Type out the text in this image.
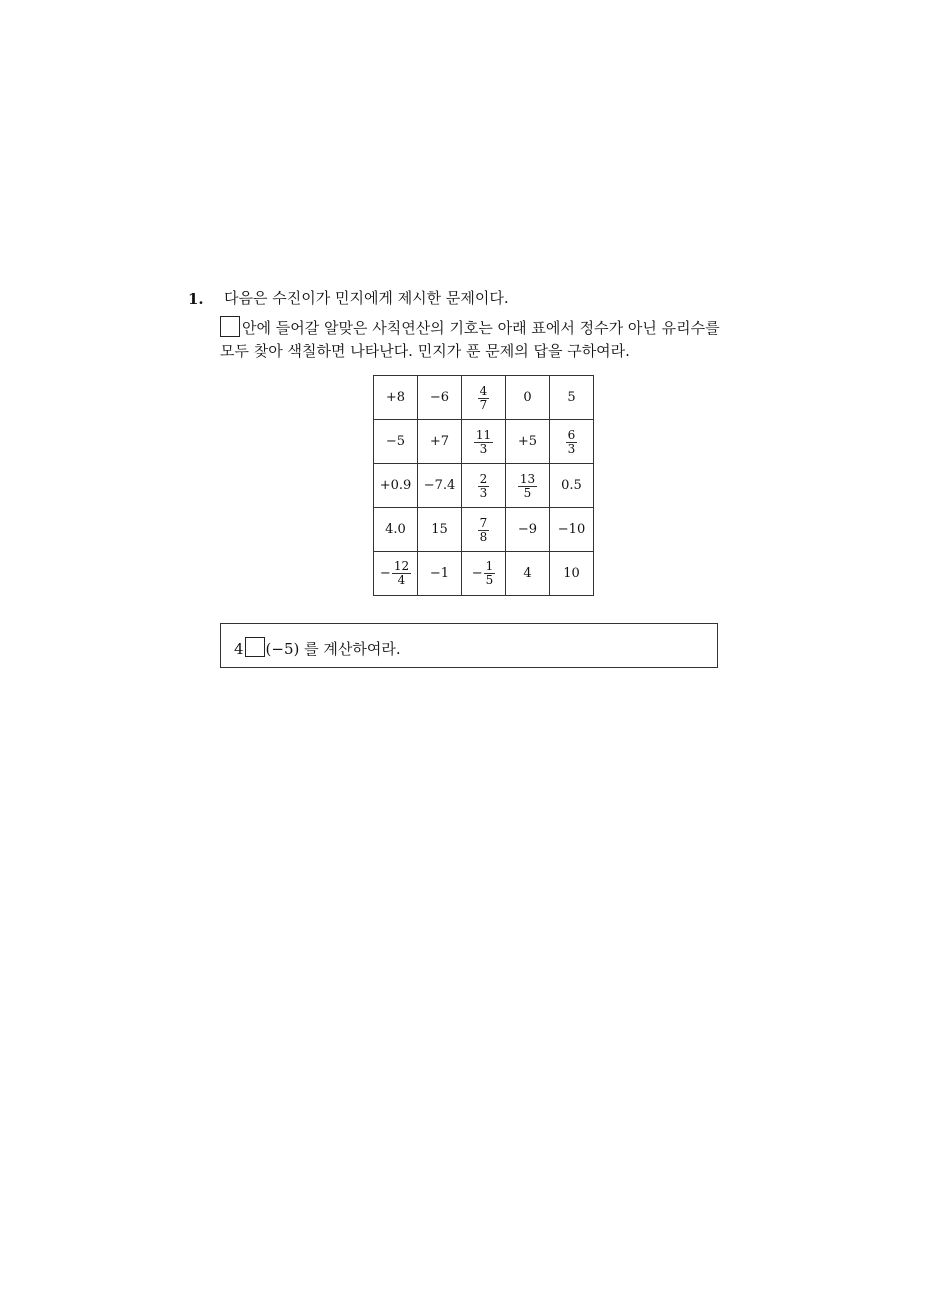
1. 다음은 수진이가 민지에게 제시한 문제이다.
안에 들어갈 알맞은 사칙연산의 기호는 아래 표에서 정수가 아닌 유리수를
모두 찾아 색칠하면 나타난다. 민지가 푼 문제의 답을 구하여라.
+8	−6	$\frac{4}{7}$	0	5
−5	+7	$\frac{11}{3}$	+5	$\frac{6}{3}$

+0.9	−7.4	$\frac{2}{3}$	$\frac{13}{5}$	0.5
4.0	15	$\frac{7}{8}$	−9	−10

− $\frac{12}{4}$	−1	− $\frac{1}{5}$	4	10
4 (−5) 를 계산하여라.
